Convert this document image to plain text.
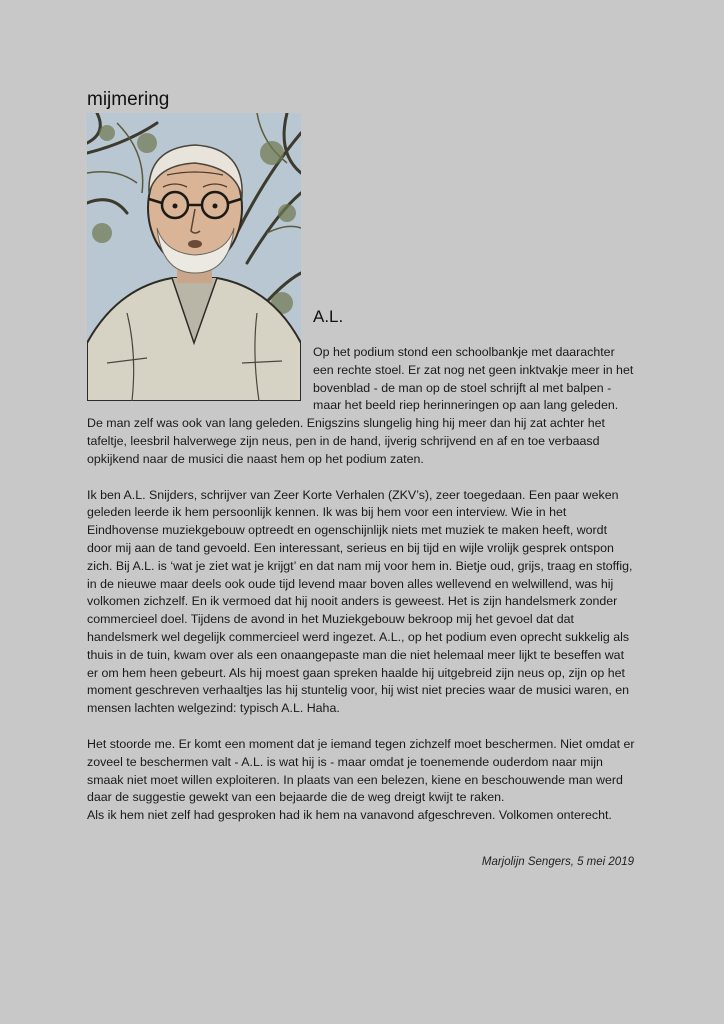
mijmering
A.L.

Op het podium stond een schoolbankje met daarachter een rechte stoel. Er zat nog net geen inktvakje meer in het bovenblad - de man op de stoel schrijft al met balpen - maar het beeld riep herinneringen op aan lang geleden. De man zelf was ook van lang geleden. Enigszins slungelig hing hij meer dan hij zat achter het tafeltje, leesbril halverwege zijn neus, pen in de hand, ijverig schrijvend en af en toe verbaasd opkijkend naar de musici die naast hem op het podium zaten.

Ik ben A.L. Snijders, schrijver van Zeer Korte Verhalen (ZKV’s), zeer toegedaan. Een paar weken geleden leerde ik hem persoonlijk kennen. Ik was bij hem voor een interview. Wie in het Eindhovense muziekgebouw optreedt en ogenschijnlijk niets met muziek te maken heeft, wordt door mij aan de tand gevoeld. Een interessant, serieus en bij tijd en wijle vrolijk gesprek ontspon zich. Bij A.L. is ‘wat je ziet wat je krijgt’ en dat nam mij voor hem in. Bietje oud, grijs, traag en stoffig, in de nieuwe maar deels ook oude tijd levend maar boven alles wellevend en welwillend, was hij volkomen zichzelf. En ik vermoed dat hij nooit anders is geweest. Het is zijn handelsmerk zonder commercieel doel. Tijdens de avond in het Muziekgebouw bekroop mij het gevoel dat dat handelsmerk wel degelijk commercieel werd ingezet. A.L., op het podium even oprecht sukkelig als thuis in de tuin, kwam over als een onaangepaste man die niet helemaal meer lijkt te beseffen wat er om hem heen gebeurt. Als hij moest gaan spreken haalde hij uitgebreid zijn neus op, zijn op het moment geschreven verhaaltjes las hij stuntelig voor, hij wist niet precies waar de musici waren, en mensen lachten welgezind: typisch A.L. Haha.

Het stoorde me. Er komt een moment dat je iemand tegen zichzelf moet beschermen. Niet omdat er zoveel te beschermen valt - A.L. is wat hij is - maar omdat je toenemende ouderdom naar mijn smaak niet moet willen exploiteren. In plaats van een belezen, kiene en beschouwende man werd daar de suggestie gewekt van een bejaarde die de weg dreigt kwijt te raken.

Als ik hem niet zelf had gesproken had ik hem na vanavond afgeschreven. Volkomen onterecht.

Marjolijn Sengers, 5 mei 2019
